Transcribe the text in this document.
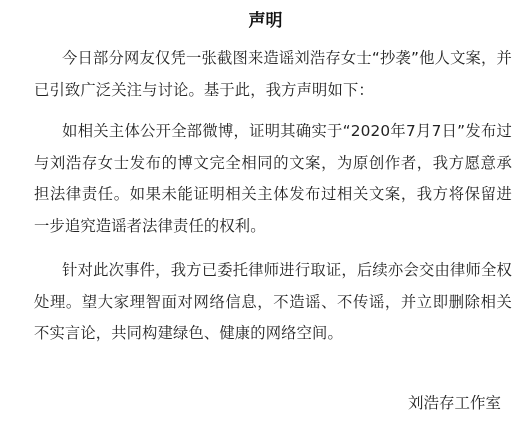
声明

今日部分网友仅凭一张截图来造谣刘浩存女士“抄袭”他人文案，并已引致广泛关注与讨论。基于此，我方声明如下：

如相关主体公开全部微博，证明其确实于“2020年7月7日”发布过与刘浩存女士发布的博文完全相同的文案，为原创作者，我方愿意承担法律责任。如果未能证明相关主体发布过相关文案，我方将保留进一步追究造谣者法律责任的权利。

针对此次事件，我方已委托律师进行取证，后续亦会交由律师全权处理。望大家理智面对网络信息，不造谣、不传谣，并立即删除相关不实言论，共同构建绿色、健康的网络空间。

刘浩存工作室
